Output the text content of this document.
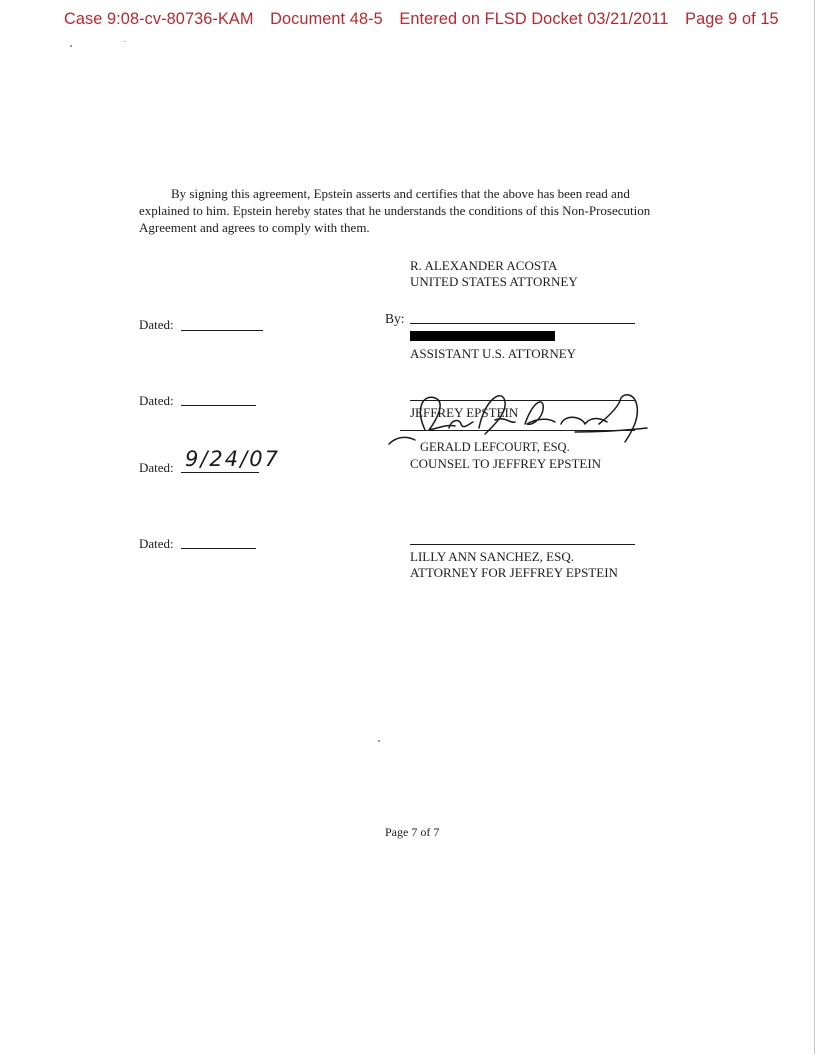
Case 9:08-cv-80736-KAM Document 48-5 Entered on FLSD Docket 03/21/2011 Page 9 of 15

By signing this agreement, Epstein asserts and certifies that the above has been read and explained to him. Epstein hereby states that he understands the conditions of this Non-Prosecution Agreement and agrees to comply with them.

R. ALEXANDER ACOSTA
UNITED STATES ATTORNEY
Dated:	By:
ASSISTANT U.S. ATTORNEY
Dated:
JEFFREY EPSTEIN
GERALD LEFCOURT, ESQ.
COUNSEL TO JEFFREY EPSTEIN
Dated: 9/24/07
Dated:
LILLY ANN SANCHEZ, ESQ.
ATTORNEY FOR JEFFREY EPSTEIN
Page 7 of 7
